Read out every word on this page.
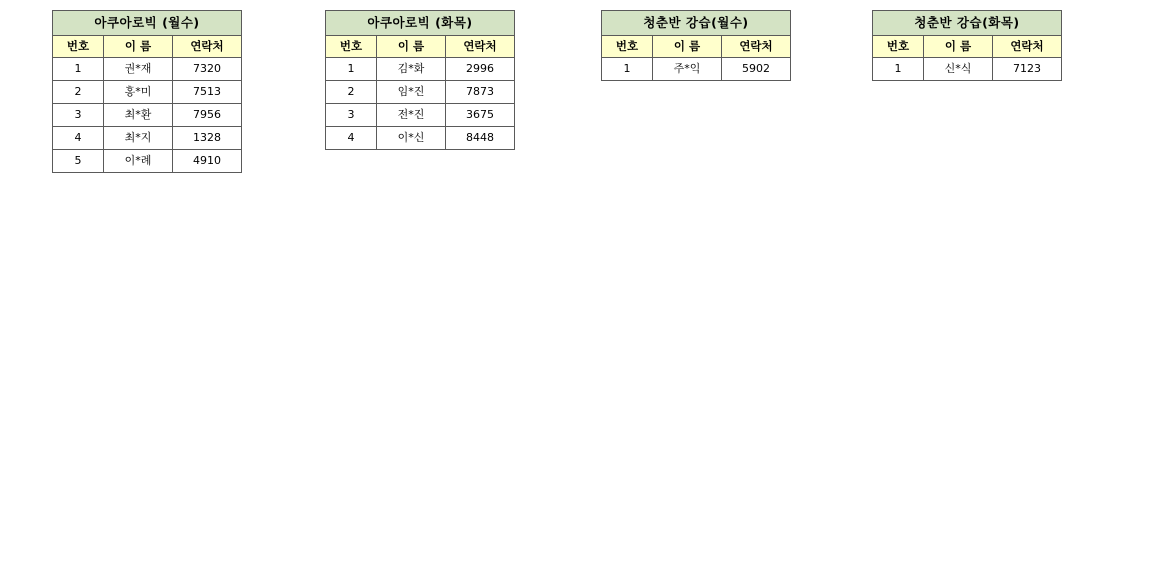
아쿠아로빅 (월수)		
번호	이 름	연락처
1	권*재	7320
2	홍*미	7513
3	최*환	7956
4	최*지	1328
5	이*례	4910
아쿠아로빅 (화목)		
번호	이 름	연락처
1	김*화	2996
2	임*진	7873
3	전*진	3675
4	이*신	8448
청춘반 강습(월수)		
번호	이 름	연락처
1	주*익	5902
청춘반 강습(화목)		
번호	이 름	연락처
1	신*식	7123
